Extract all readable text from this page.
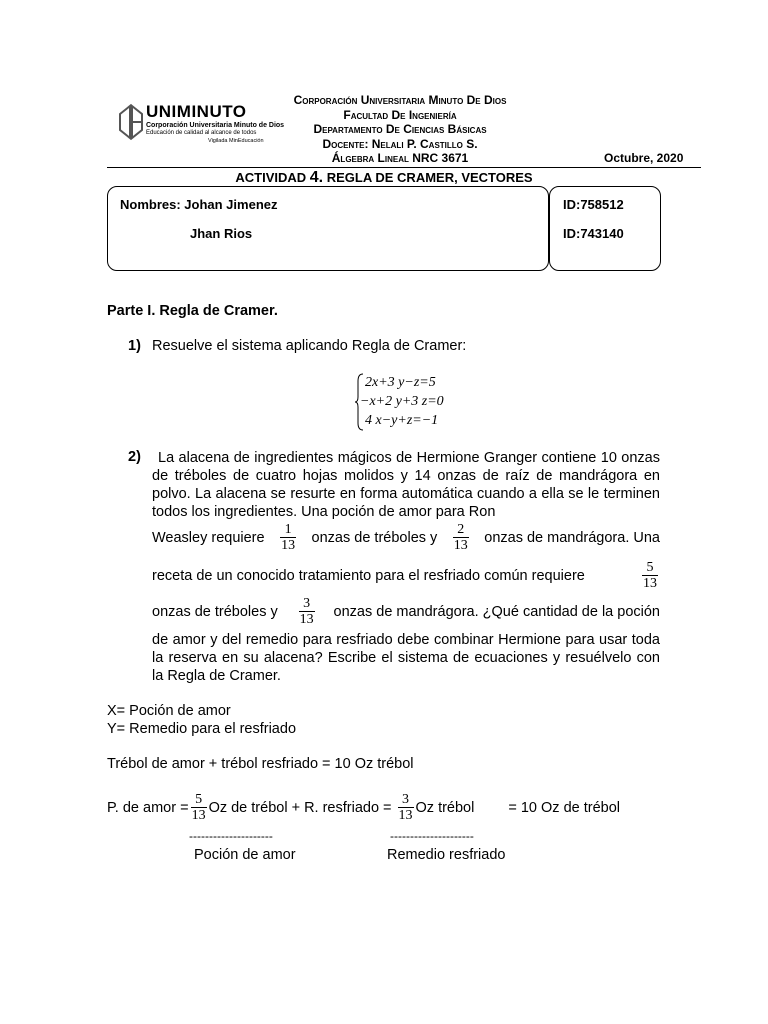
UNIMINUTO
Corporación Universitaria Minuto de Dios
Educación de calidad al alcance de todos
Vigilada MinEducación
Corporación Universitaria Minuto De Dios
Facultad De Ingeniería
Departamento De Ciencias Básicas
Docente: Nelali P. Castillo S.
Álgebra Lineal NRC 3671	Octubre, 2020
ACTIVIDAD 4. REGLA DE CRAMER, VECTORES
Nombres: Johan Jimenez
Jhan Rios
ID:758512
ID:743140
Parte I. Regla de Cramer.
1) Resuelve el sistema aplicando Regla de Cramer:
2x+3 y−z=5
−x+2 y+3 z=0
4 x−y+z=−1
2)	La alacena de ingredientes mágicos de Hermione Granger contiene 10 onzas de tréboles de cuatro hojas molidos y 14 onzas de raíz de mandrágora en polvo. La alacena se resurte en forma automática cuando a ella se le terminen todos los ingredientes. Una poción de amor para Ron
Weasley requiere $\frac{1}{13}$ onzas de tréboles y $\frac{2}{13}$ onzas de mandrágora. Una
receta de un conocido tratamiento para el resfriado común requiere	$\frac{5}{13}$
onzas de tréboles y $\frac{3}{13}$ onzas de mandrágora. ¿Qué cantidad de la poción
de amor y del remedio para resfriado debe combinar Hermione para usar toda la reserva en su alacena? Escribe el sistema de ecuaciones y resuélvelo con la Regla de Cramer.
X= Poción de amor
Y= Remedio para el resfriado
Trébol de amor + trébol resfriado = 10 Oz trébol
P. de amor = $\frac{5}{13}$ Oz de trébol + R. resfriado = $\frac{3}{13}$ Oz trébol = 10 Oz de trébol
---------------------	---------------------
Poción de amor	Remedio resfriado
